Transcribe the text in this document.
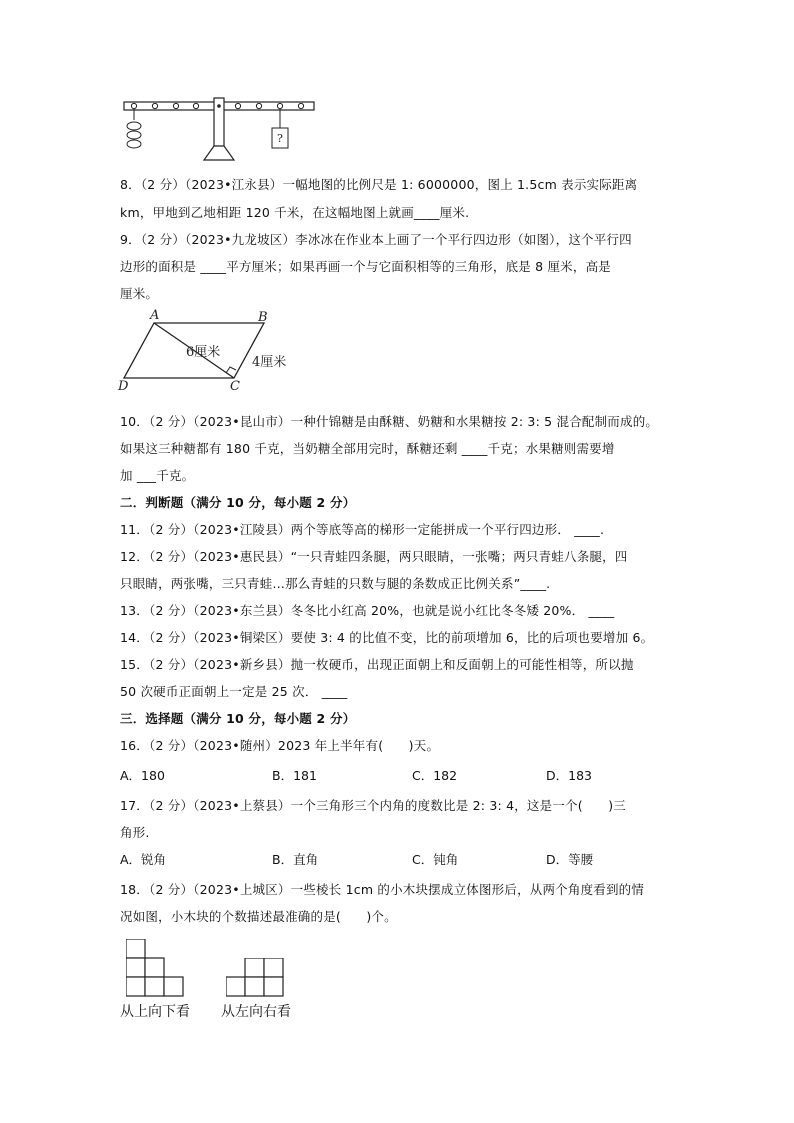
?
8．（2 分）（2023•江永县）一幅地图的比例尺是 1: 6000000，图上 1.5cm 表示实际距离
km，甲地到乙地相距 120 千米，在这幅地图上就画____厘米.
9．（2 分）（2023•九龙坡区）李冰冰在作业本上画了一个平行四边形（如图），这个平行四
边形的面积是 ____平方厘米；如果再画一个与它面积相等的三角形，底是 8 厘米，高是
厘米。
A	B
C
D
6厘米
4厘米
10．（2 分）（2023•昆山市）一种什锦糖是由酥糖、奶糖和水果糖按 2: 3: 5 混合配制而成的。
如果这三种糖都有 180 千克，当奶糖全部用完时，酥糖还剩 ____千克；水果糖则需要增
加 ___千克。
二．判断题（满分 10 分，每小题 2 分）
11．（2 分）（2023•江陵县）两个等底等高的梯形一定能拼成一个平行四边形． ____.
12．（2 分）（2023•惠民县）“一只青蛙四条腿，两只眼睛，一张嘴；两只青蛙八条腿，四
只眼睛，两张嘴，三只青蛙…那么青蛙的只数与腿的条数成正比例关系”____.
13．（2 分）（2023•东兰县）冬冬比小红高 20%，也就是说小红比冬冬矮 20%． ____
14．（2 分）（2023•铜梁区）要使 3: 4 的比值不变，比的前项增加 6，比的后项也要增加 6。
15．（2 分）（2023•新乡县）抛一枚硬币，出现正面朝上和反面朝上的可能性相等，所以抛
50 次硬币正面朝上一定是 25 次． ____
三．选择题（满分 10 分，每小题 2 分）
16．（2 分）（2023•随州）2023 年上半年有(　　)天。
A．180	B．181	C．182	D．183
17．（2 分）（2023•上蔡县）一个三角形三个内角的度数比是 2: 3: 4，这是一个(　　)三
角形.
A．锐角	B．直角	C．钝角	D．等腰
18．（2 分）（2023•上城区）一些棱长 1cm 的小木块摆成立体图形后，从两个角度看到的情
况如图，小木块的个数描述最准确的是(　　)个。
从上向下看 从左向右看
